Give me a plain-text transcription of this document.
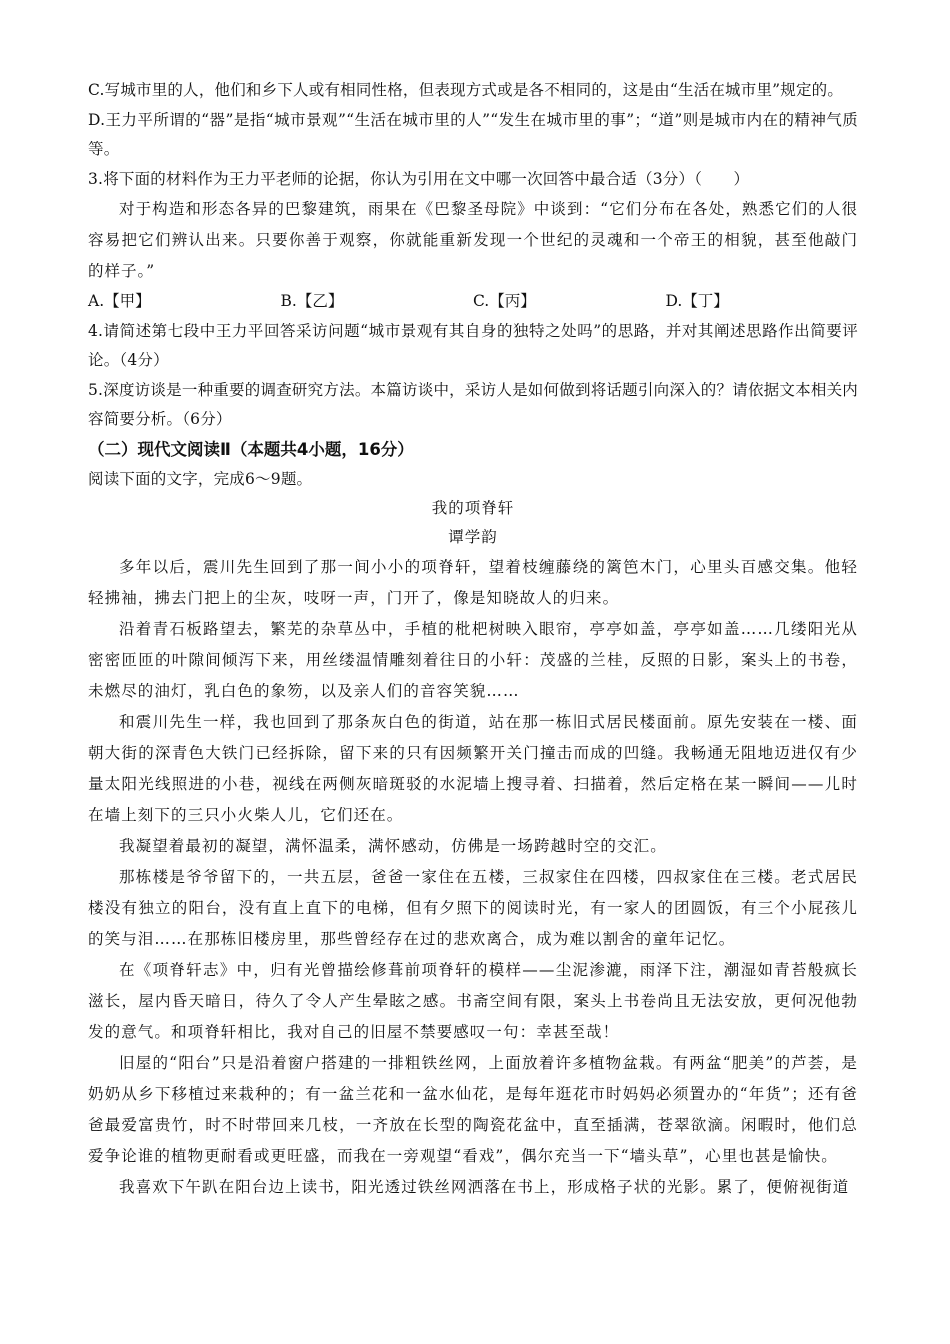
C.写城市里的人，他们和乡下人或有相同性格，但表现方式或是各不相同的，这是由“生活在城市里”规定的。

D.王力平所谓的“器”是指“城市景观”“生活在城市里的人”“发生在城市里的事”；“道”则是城市内在的精神气质等。

3.将下面的材料作为王力平老师的论据，你认为引用在文中哪一次回答中最合适（3分）（　　）

对于构造和形态各异的巴黎建筑，雨果在《巴黎圣母院》中谈到：“它们分布在各处，熟悉它们的人很容易把它们辨认出来。只要你善于观察，你就能重新发现一个世纪的灵魂和一个帝王的相貌，甚至他敲门的样子。”

A.【甲】	B.【乙】	C.【丙】	D.【丁】

4.请简述第七段中王力平回答采访问题“城市景观有其自身的独特之处吗”的思路，并对其阐述思路作出简要评论。（4分）

5.深度访谈是一种重要的调查研究方法。本篇访谈中，采访人是如何做到将话题引向深入的？请依据文本相关内容简要分析。（6分）

（二）现代文阅读Ⅱ（本题共4小题，16分）

阅读下面的文字，完成6～9题。

我的项脊轩

谭学韵

多年以后，震川先生回到了那一间小小的项脊轩，望着枝缠藤绕的篱笆木门，心里头百感交集。他轻轻拂袖，拂去门把上的尘灰，吱呀一声，门开了，像是知晓故人的归来。

沿着青石板路望去，繁芜的杂草丛中，手植的枇杷树映入眼帘，亭亭如盖，亭亭如盖……几缕阳光从密密匝匝的叶隙间倾泻下来，用丝缕温情雕刻着往日的小轩：茂盛的兰桂，反照的日影，案头上的书卷，未燃尽的油灯，乳白色的象笏，以及亲人们的音容笑貌……

和震川先生一样，我也回到了那条灰白色的街道，站在那一栋旧式居民楼面前。原先安装在一楼、面朝大街的深青色大铁门已经拆除，留下来的只有因频繁开关门撞击而成的凹缝。我畅通无阻地迈进仅有少量太阳光线照进的小巷，视线在两侧灰暗斑驳的水泥墙上搜寻着、扫描着，然后定格在某一瞬间——儿时在墙上刻下的三只小火柴人儿，它们还在。

我凝望着最初的凝望，满怀温柔，满怀感动，仿佛是一场跨越时空的交汇。

那栋楼是爷爷留下的，一共五层，爸爸一家住在五楼，三叔家住在四楼，四叔家住在三楼。老式居民楼没有独立的阳台，没有直上直下的电梯，但有夕照下的阅读时光，有一家人的团圆饭，有三个小屁孩儿的笑与泪……在那栋旧楼房里，那些曾经存在过的悲欢离合，成为难以割舍的童年记忆。

在《项脊轩志》中，归有光曾描绘修葺前项脊轩的模样——尘泥渗漉，雨泽下注，潮湿如青苔般疯长滋长，屋内昏天暗日，待久了令人产生晕眩之感。书斋空间有限，案头上书卷尚且无法安放，更何况他勃发的意气。和项脊轩相比，我对自己的旧屋不禁要感叹一句：幸甚至哉！

旧屋的“阳台”只是沿着窗户搭建的一排粗铁丝网，上面放着许多植物盆栽。有两盆“肥美”的芦荟，是奶奶从乡下移植过来栽种的；有一盆兰花和一盆水仙花，是每年逛花市时妈妈必须置办的“年货”；还有爸爸最爱富贵竹，时不时带回来几枝，一齐放在长型的陶瓷花盆中，直至插满，苍翠欲滴。闲暇时，他们总爱争论谁的植物更耐看或更旺盛，而我在一旁观望“看戏”，偶尔充当一下“墙头草”，心里也甚是愉快。

我喜欢下午趴在阳台边上读书，阳光透过铁丝网洒落在书上，形成格子状的光影。累了，便俯视街道
